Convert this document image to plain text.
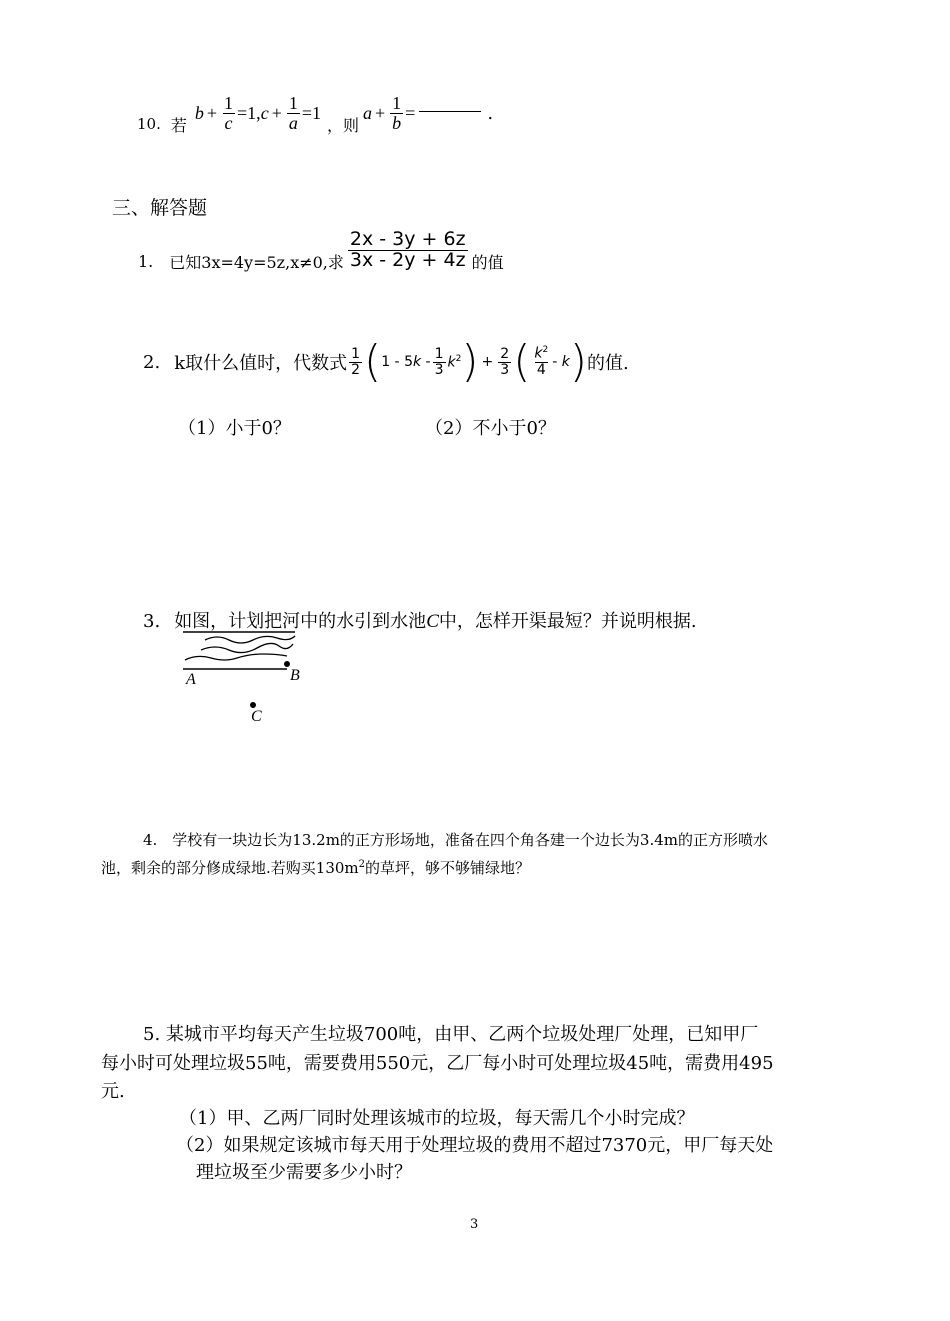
10. 若
$b + \frac{1}{c} =1$, $c + \frac{1}{a} =1$
，则
$a + \frac{1}{b}$ =	.
三、解答题
1. 已知3x=4y=5z,x≠0,求 $\frac{2x - 3y + 6z}{3x - 2y + 4z}$ 的值
2. k取什么值时，代数式 $\frac{1}{2}$ ( $1 - 5k - \frac{1}{3} k^2$ ) + $\frac{2}{3}$ ( $\frac{k^2}{4}$ - k ) 的值.
（1）小于0？	（2）不小于0？
3. 如图，计划把河中的水引到水池C中，怎样开渠最短？并说明根据.
A	B
C
4.　学校有一块边长为13.2m的正方形场地，准备在四个角各建一个边长为3.4m的正方形喷水
池，剩余的部分修成绿地.若购买$130m^2$的草坪，够不够铺绿地？
5. 某城市平均每天产生垃圾700吨，由甲、乙两个垃圾处理厂处理，已知甲厂
每小时可处理垃圾55吨，需要费用550元，乙厂每小时可处理垃圾45吨，需费用495
元.
（1）甲、乙两厂同时处理该城市的垃圾，每天需几个小时完成？
（2）如果规定该城市每天用于处理垃圾的费用不超过7370元，甲厂每天处
理垃圾至少需要多少小时？
3
